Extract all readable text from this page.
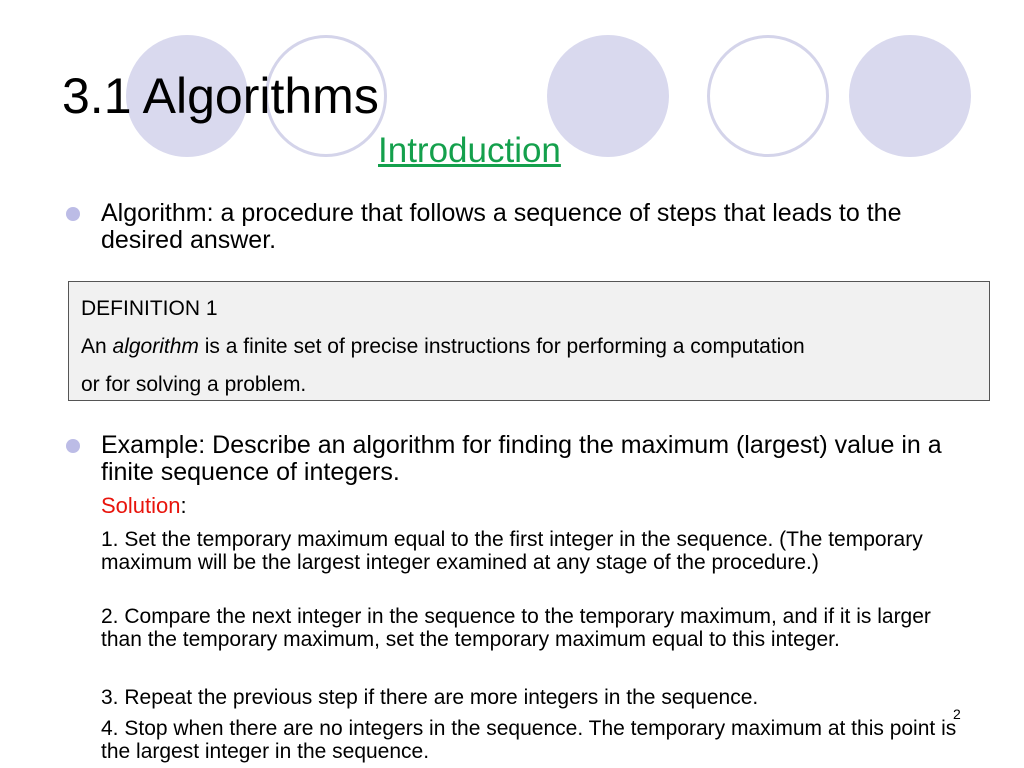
3.1 Algorithms
Introduction

Algorithm: a procedure that follows a sequence of steps that leads to the desired answer.

DEFINITION 1

An algorithm is a finite set of precise instructions for performing a computation

or for solving a problem.

Example: Describe an algorithm for finding the maximum (largest) value in a finite sequence of integers.

Solution:

1. Set the temporary maximum equal to the first integer in the sequence. (The temporary maximum will be the largest integer examined at any stage of the procedure.)

2. Compare the next integer in the sequence to the temporary maximum, and if it is larger than the temporary maximum, set the temporary maximum equal to this integer.

3. Repeat the previous step if there are more integers in the sequence.

4. Stop when there are no integers in the sequence. The temporary maximum at this point is the largest integer in the sequence.

2
